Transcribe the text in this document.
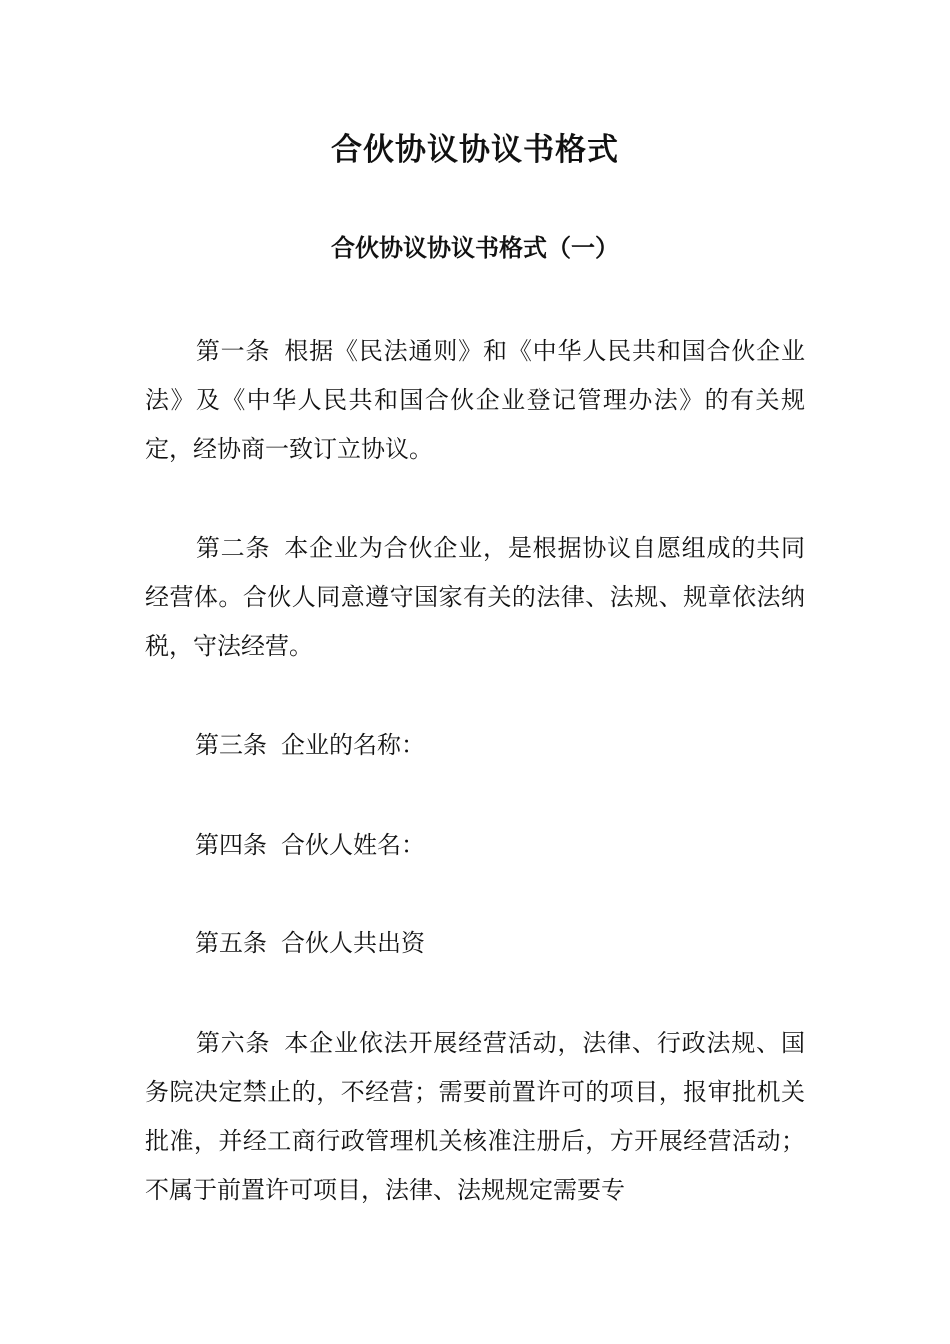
合伙协议协议书格式
合伙协议协议书格式（一）

第一条 根据《民法通则》和《中华人民共和国合伙企业法》及《中华人民共和国合伙企业登记管理办法》的有关规定，经协商一致订立协议。

第二条 本企业为合伙企业，是根据协议自愿组成的共同经营体。合伙人同意遵守国家有关的法律、法规、规章依法纳税，守法经营。

第三条 企业的名称：

第四条 合伙人姓名：

第五条 合伙人共出资

第六条 本企业依法开展经营活动，法律、行政法规、国务院决定禁止的，不经营；需要前置许可的项目，报审批机关批准，并经工商行政管理机关核准注册后，方开展经营活动；不属于前置许可项目，法律、法规规定需要专
